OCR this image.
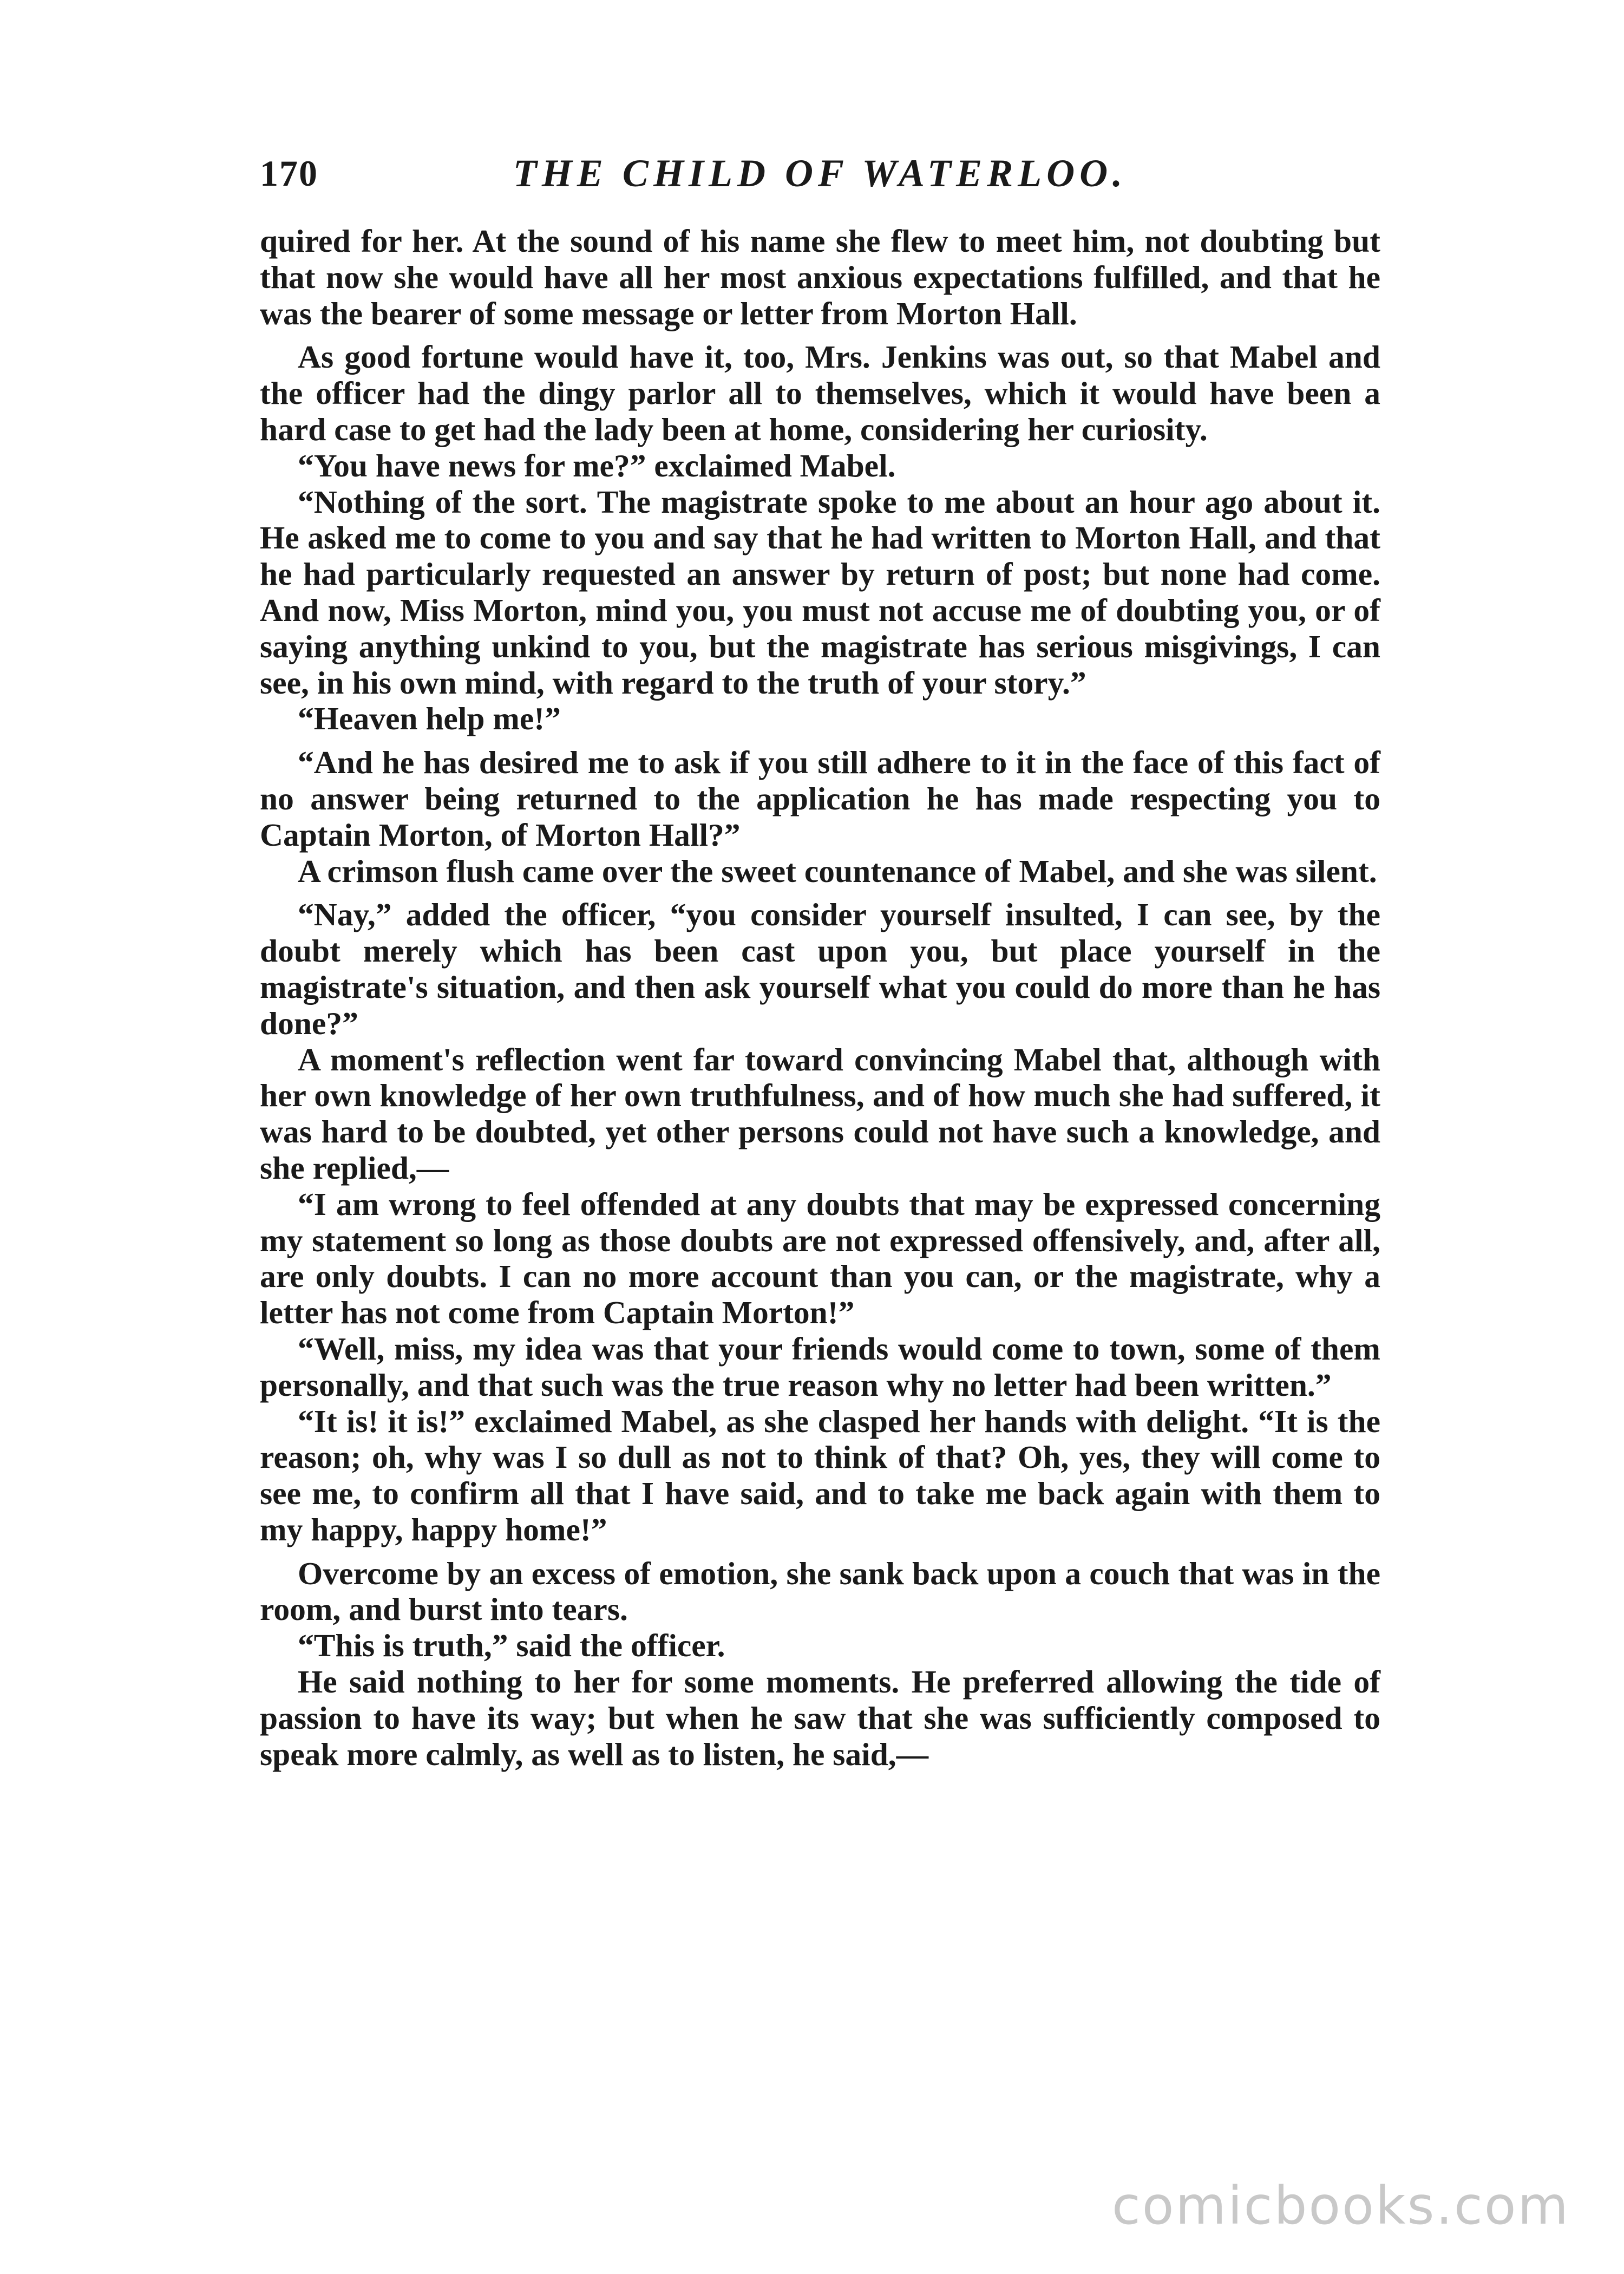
170	THE CHILD OF WATERLOO.

quired for her. At the sound of his name she flew to meet him, not doubting but that now she would have all her most anxious expectations fulfilled, and that he was the bearer of some message or letter from Morton Hall.

As good fortune would have it, too, Mrs. Jenkins was out, so that Mabel and the officer had the dingy parlor all to themselves, which it would have been a hard case to get had the lady been at home, considering her curiosity.

“You have news for me?” exclaimed Mabel.

“Nothing of the sort. The magistrate spoke to me about an hour ago about it. He asked me to come to you and say that he had written to Morton Hall, and that he had particularly requested an answer by return of post; but none had come. And now, Miss Morton, mind you, you must not accuse me of doubting you, or of saying anything unkind to you, but the magistrate has serious misgivings, I can see, in his own mind, with regard to the truth of your story.”

“Heaven help me!”

“And he has desired me to ask if you still adhere to it in the face of this fact of no answer being returned to the application he has made respecting you to Captain Morton, of Morton Hall?”

A crimson flush came over the sweet countenance of Mabel, and she was silent.

“Nay,” added the officer, “you consider yourself insulted, I can see, by the doubt merely which has been cast upon you, but place yourself in the magistrate's situation, and then ask yourself what you could do more than he has done?”

A moment's reflection went far toward convincing Mabel that, although with her own knowledge of her own truthfulness, and of how much she had suffered, it was hard to be doubted, yet other persons could not have such a knowledge, and she replied,—

“I am wrong to feel offended at any doubts that may be expressed concerning my statement so long as those doubts are not expressed offensively, and, after all, are only doubts. I can no more account than you can, or the magistrate, why a letter has not come from Captain Morton!”

“Well, miss, my idea was that your friends would come to town, some of them personally, and that such was the true reason why no letter had been written.”

“It is! it is!” exclaimed Mabel, as she clasped her hands with delight. “It is the reason; oh, why was I so dull as not to think of that? Oh, yes, they will come to see me, to confirm all that I have said, and to take me back again with them to my happy, happy home!”

Overcome by an excess of emotion, she sank back upon a couch that was in the room, and burst into tears.

“This is truth,” said the officer.

He said nothing to her for some moments. He preferred allowing the tide of passion to have its way; but when he saw that she was sufficiently composed to speak more calmly, as well as to listen, he said,—

comicbooks.com
